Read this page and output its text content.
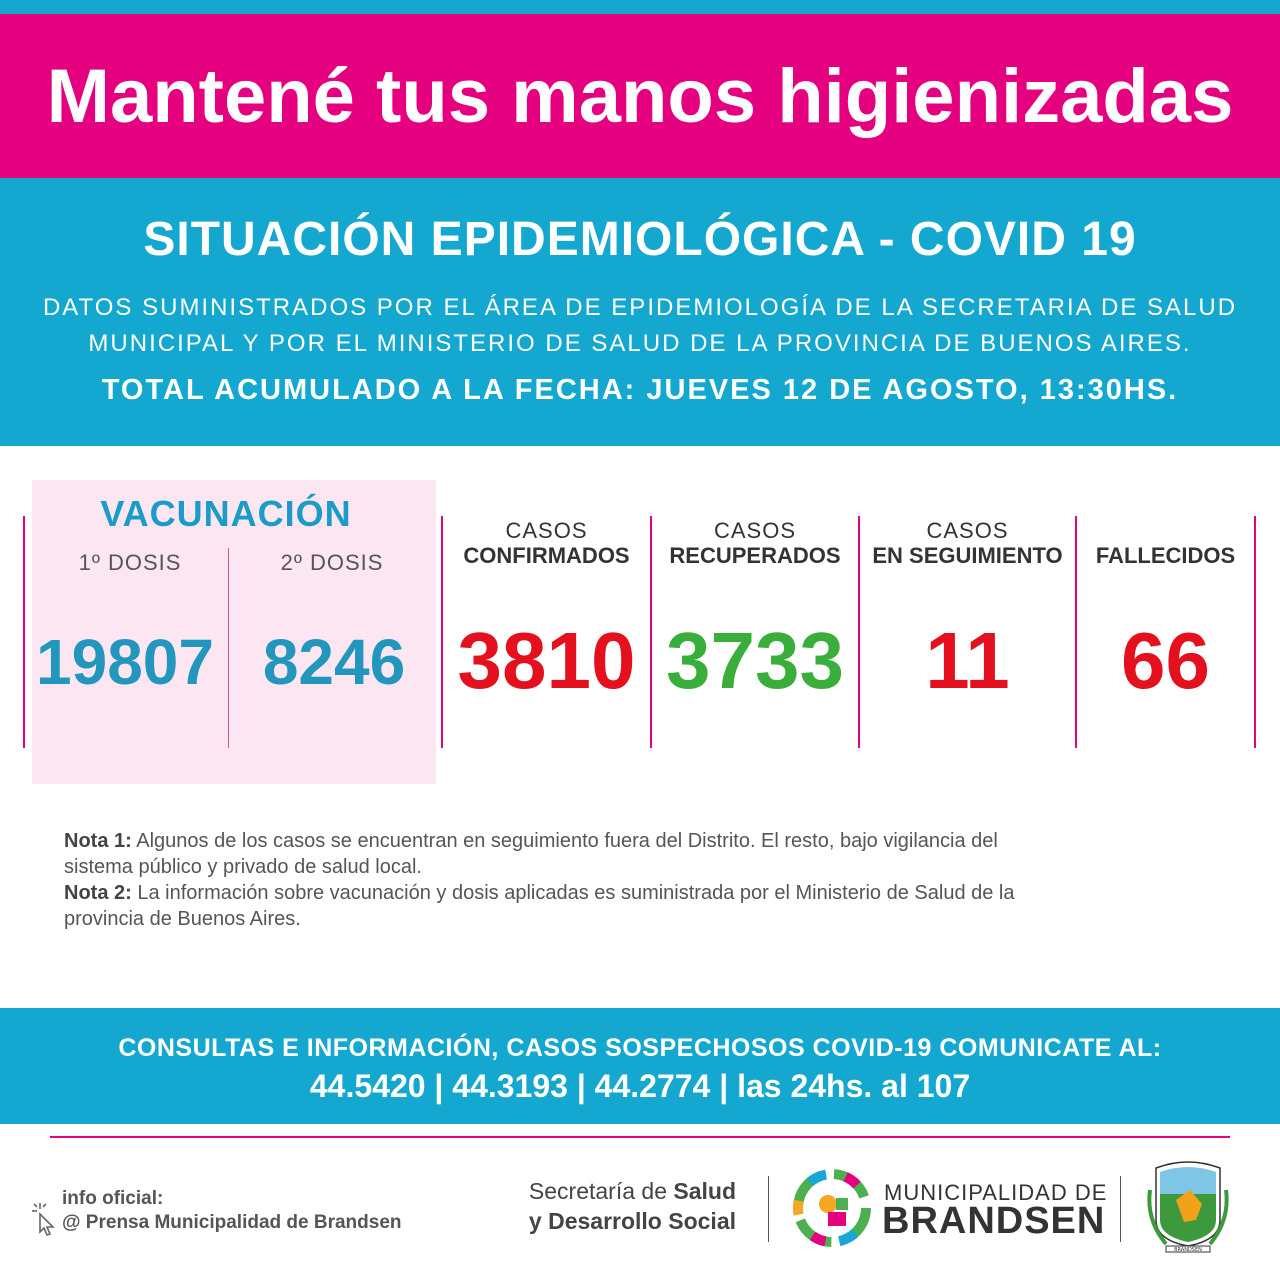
Mantené tus manos higienizadas
SITUACIÓN EPIDEMIOLÓGICA - COVID 19
DATOS SUMINISTRADOS POR EL ÁREA DE EPIDEMIOLOGÍA DE LA SECRETARIA DE SALUD
MUNICIPAL Y POR EL MINISTERIO DE SALUD DE LA PROVINCIA DE BUENOS AIRES.
TOTAL ACUMULADO A LA FECHA: JUEVES 12 DE AGOSTO, 13:30HS.
VACUNACIÓN
1º DOSIS	2º DOSIS
19807 8246
CASOS
CONFIRMADOS
3810
CASOS
RECUPERADOS
3733
CASOS
EN SEGUIMIENTO
11
FALLECIDOS
66

Nota 1: Algunos de los casos se encuentran en seguimiento fuera del Distrito. El resto, bajo vigilancia del sistema público y privado de salud local.

Nota 2: La información sobre vacunación y dosis aplicadas es suministrada por el Ministerio de Salud de la provincia de Buenos Aires.

CONSULTAS E INFORMACIÓN, CASOS SOSPECHOSOS COVID-19 COMUNICATE AL:
44.5420 | 44.3193 | 44.2774 | las 24hs. al 107
info oficial:
@ Prensa Municipalidad de Brandsen
Secretaría de Salud
y Desarrollo Social
MUNICIPALIDAD DE
BRANDSEN
BRANDSEN
